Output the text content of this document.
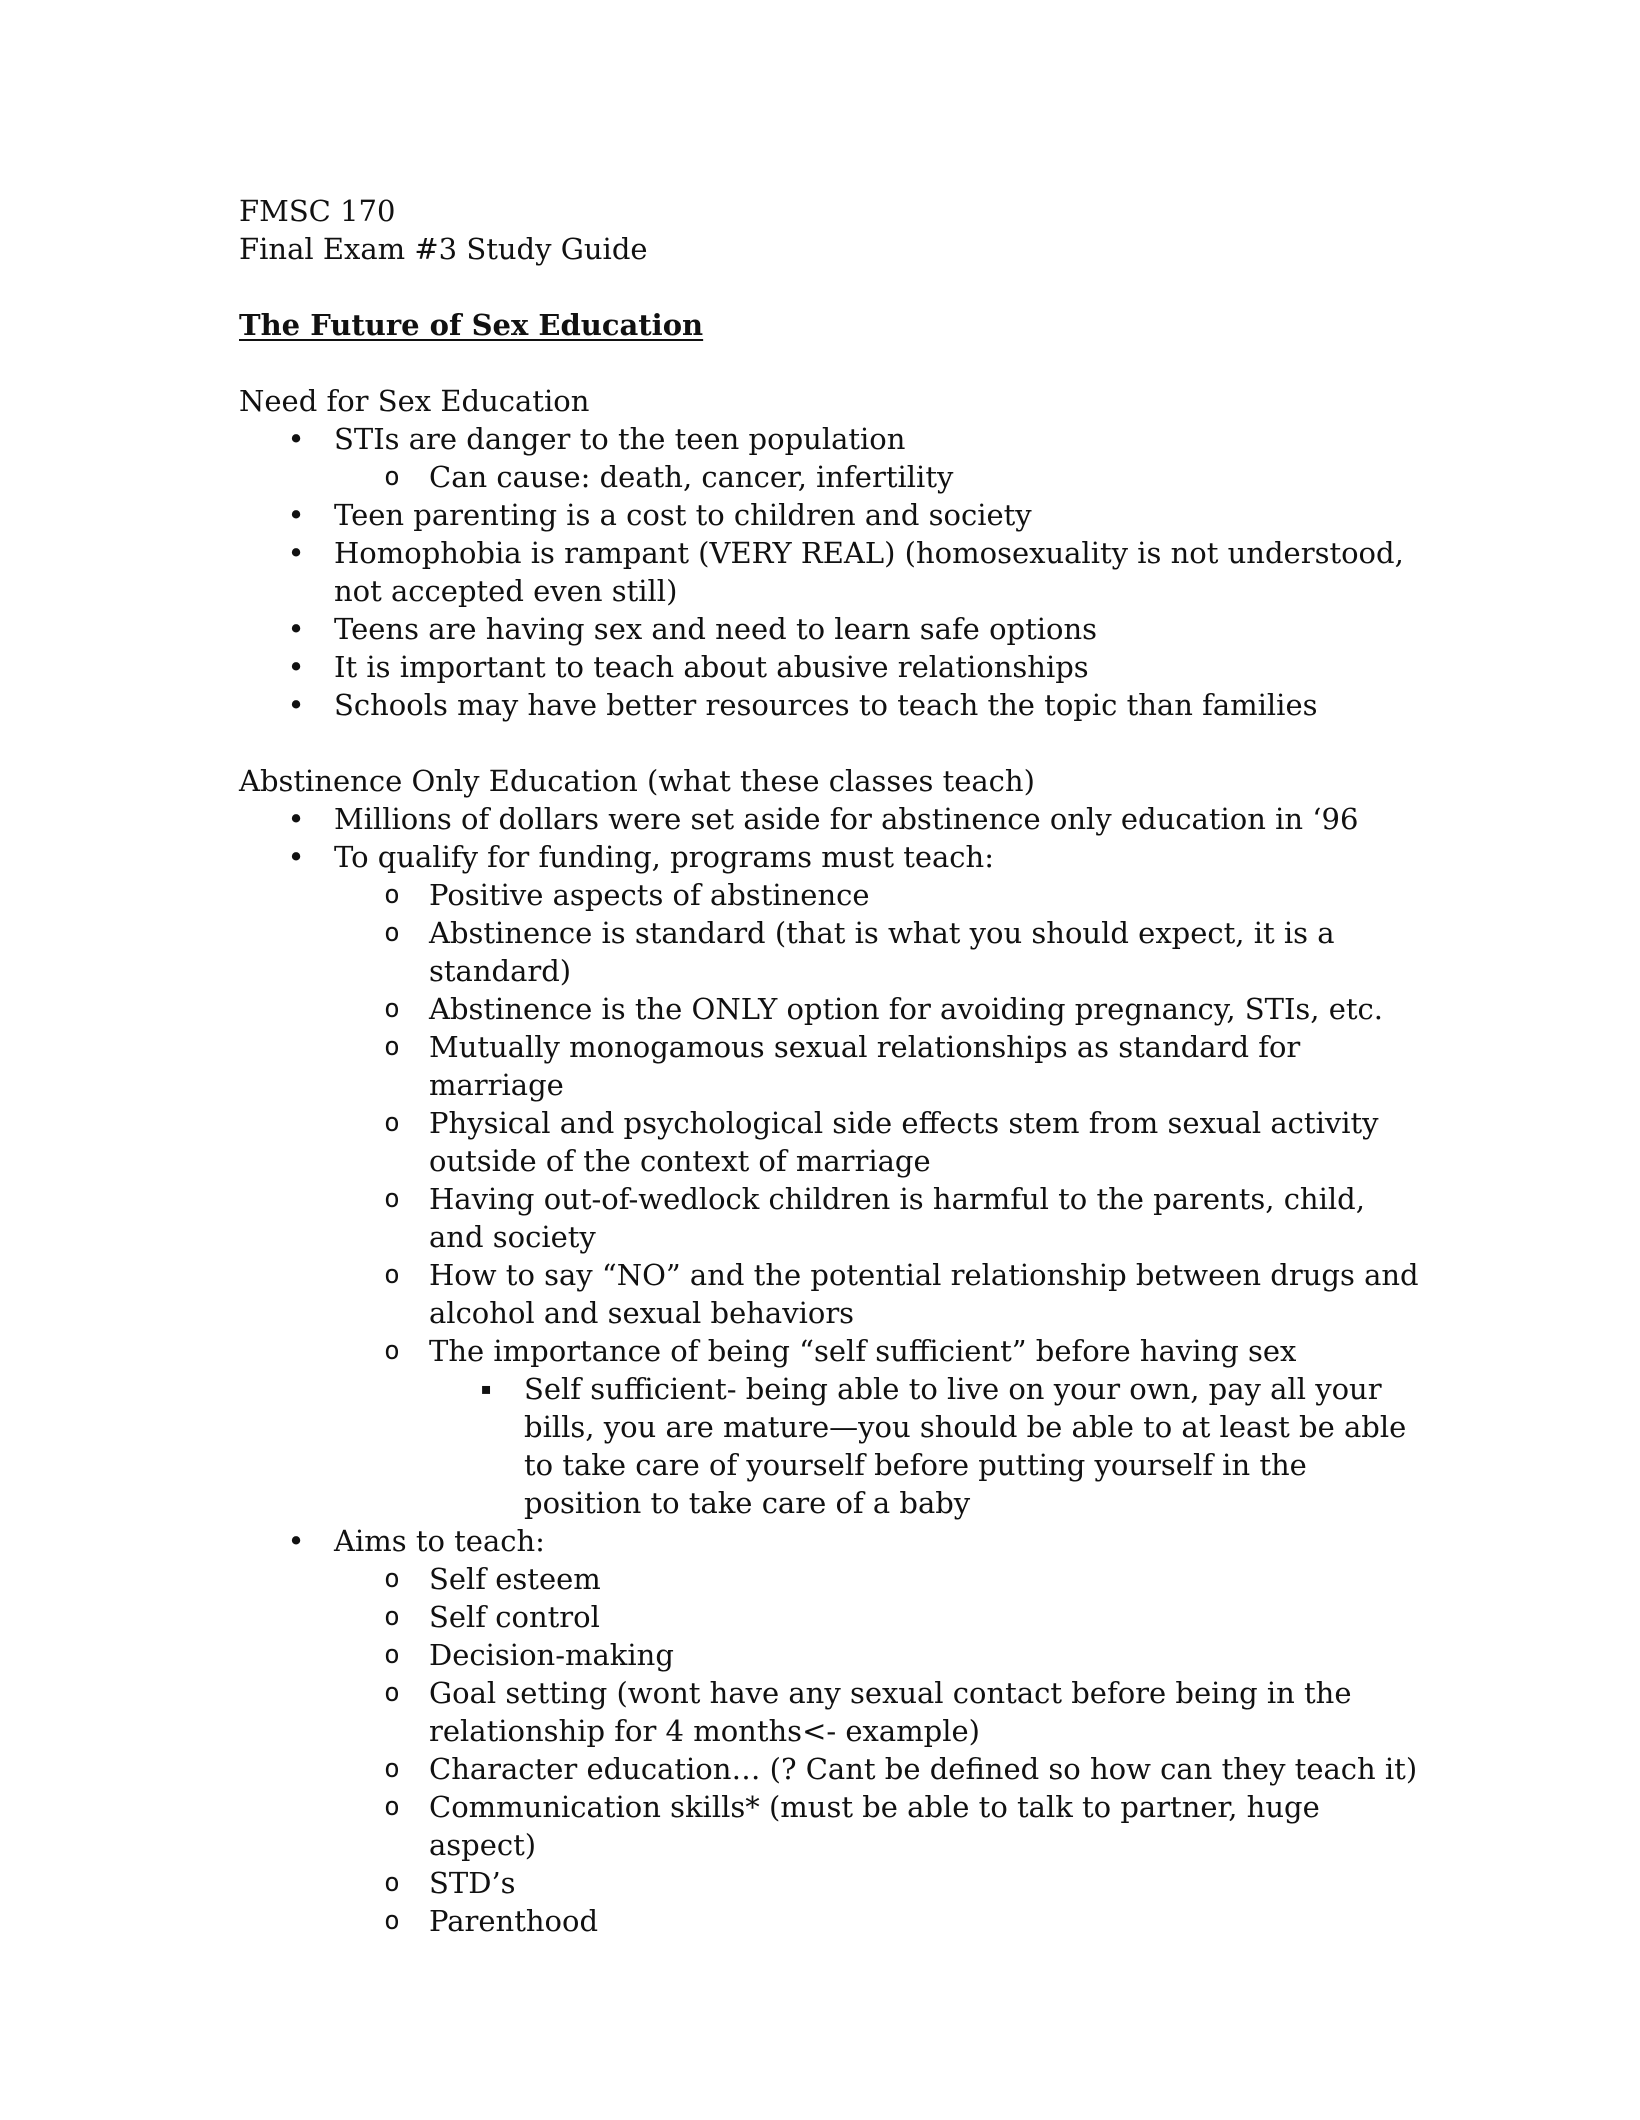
FMSC 170

Final Exam #3 Study Guide

The Future of Sex Education

Need for Sex Education

• STIs are danger to the teen population
o Can cause: death, cancer, infertility
• Teen parenting is a cost to children and society
• Homophobia is rampant (VERY REAL) (homosexuality is not understood, not accepted even still)
• Teens are having sex and need to learn safe options
• It is important to teach about abusive relationships
• Schools may have better resources to teach the topic than families

Abstinence Only Education (what these classes teach)

• Millions of dollars were set aside for abstinence only education in ‘96
• To qualify for funding, programs must teach:
o Positive aspects of abstinence
o Abstinence is standard (that is what you should expect, it is a standard)
o Abstinence is the ONLY option for avoiding pregnancy, STIs, etc.
o Mutually monogamous sexual relationships as standard for marriage
o Physical and psychological side effects stem from sexual activity outside of the context of marriage
o Having out-of-wedlock children is harmful to the parents, child, and society
o How to say “NO” and the potential relationship between drugs and alcohol and sexual behaviors
o The importance of being “self sufficient” before having sex
▪	Self sufficient- being able to live on your own, pay all your bills, you are mature—you should be able to at least be able to take care of yourself before putting yourself in the position to take care of a baby
• Aims to teach:
o Self esteem
o Self control
o Decision-making
o Goal setting (wont have any sexual contact before being in the relationship for 4 months<- example)
o Character education… (? Cant be defined so how can they teach it)
o Communication skills* (must be able to talk to partner, huge aspect)
o STD’s
o Parenthood
